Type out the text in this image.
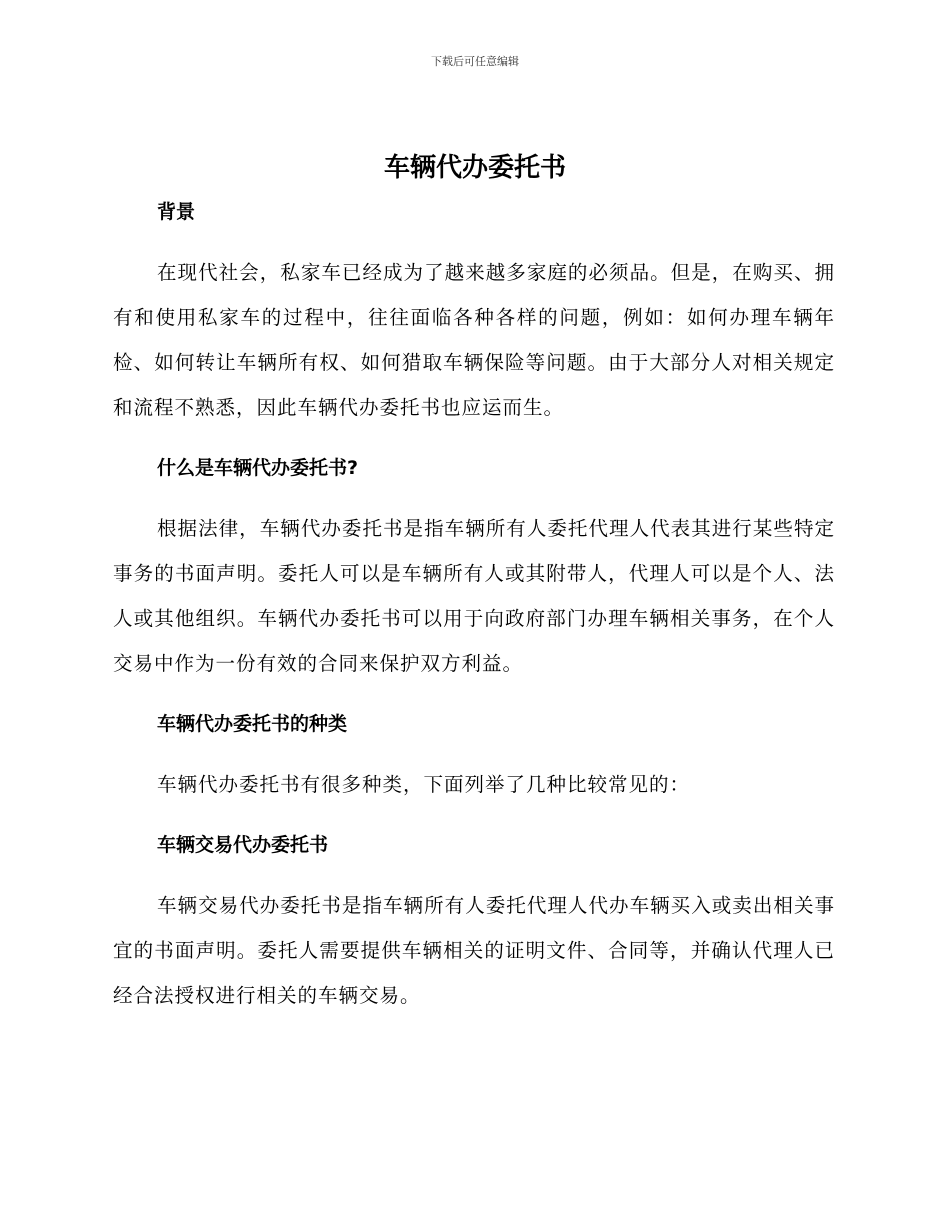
下载后可任意编辑
车辆代办委托书

背景

在现代社会，私家车已经成为了越来越多家庭的必须品。但是，在购买、拥有和使用私家车的过程中，往往面临各种各样的问题，例如：如何办理车辆年检、如何转让车辆所有权、如何猎取车辆保险等问题。由于大部分人对相关规定和流程不熟悉，因此车辆代办委托书也应运而生。

什么是车辆代办委托书?

根据法律，车辆代办委托书是指车辆所有人委托代理人代表其进行某些特定事务的书面声明。委托人可以是车辆所有人或其附带人，代理人可以是个人、法人或其他组织。车辆代办委托书可以用于向政府部门办理车辆相关事务，在个人交易中作为一份有效的合同来保护双方利益。

车辆代办委托书的种类

车辆代办委托书有很多种类，下面列举了几种比较常见的：

车辆交易代办委托书

车辆交易代办委托书是指车辆所有人委托代理人代办车辆买入或卖出相关事宜的书面声明。委托人需要提供车辆相关的证明文件、合同等，并确认代理人已经合法授权进行相关的车辆交易。
